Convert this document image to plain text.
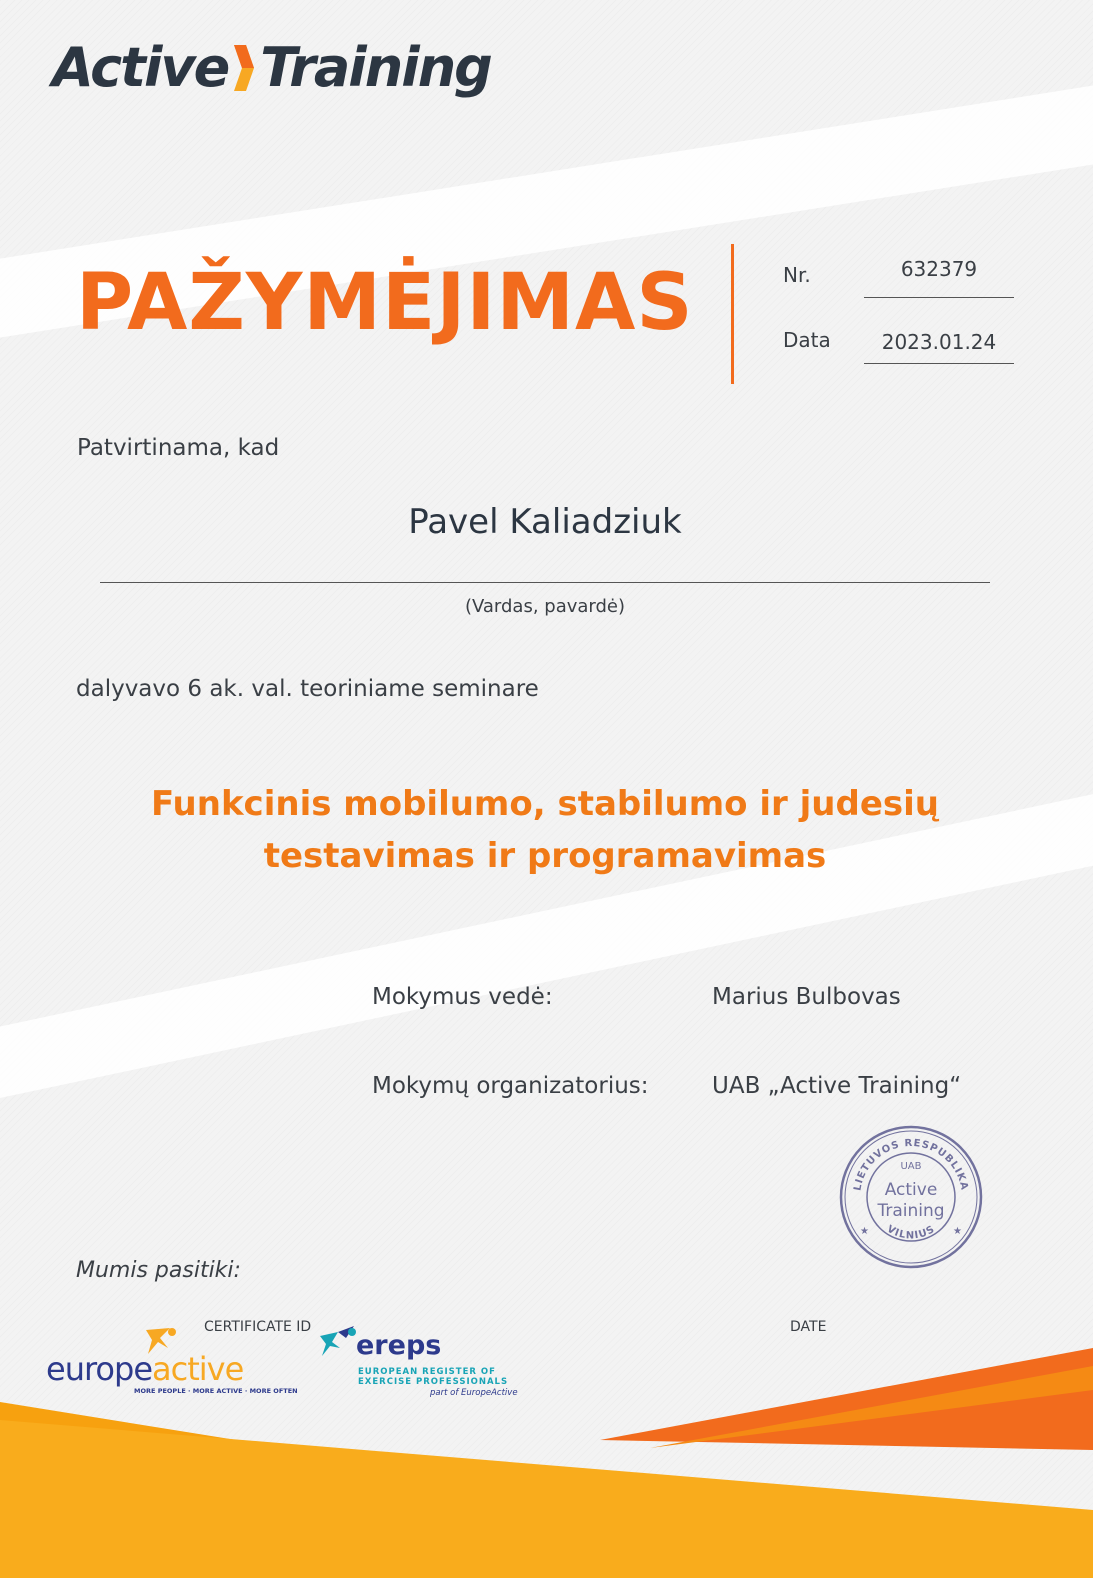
Active Training
PAŽYMĖJIMAS	Nr.	632379
Data	2023.01.24
Patvirtinama, kad
Pavel Kaliadziuk
(Vardas, pavardė)
dalyvavo 6 ak. val. teoriniame seminare
Funkcinis mobilumo, stabilumo ir judesių
testavimas ir programavimas
Mokymus vedė:	Marius Bulbovas
Mokymų organizatorius:	UAB „Active Training“
LIETUVOS RESPUBLIKA
VILNIUS
UAB
Active
Training
★	★
Mumis pasitiki:
CERTIFICATE ID	DATE
europeactive
MORE PEOPLE · MORE ACTIVE · MORE OFTEN
ereps
EUROPEAN REGISTER OF
EXERCISE PROFESSIONALS
part of EuropeActive
